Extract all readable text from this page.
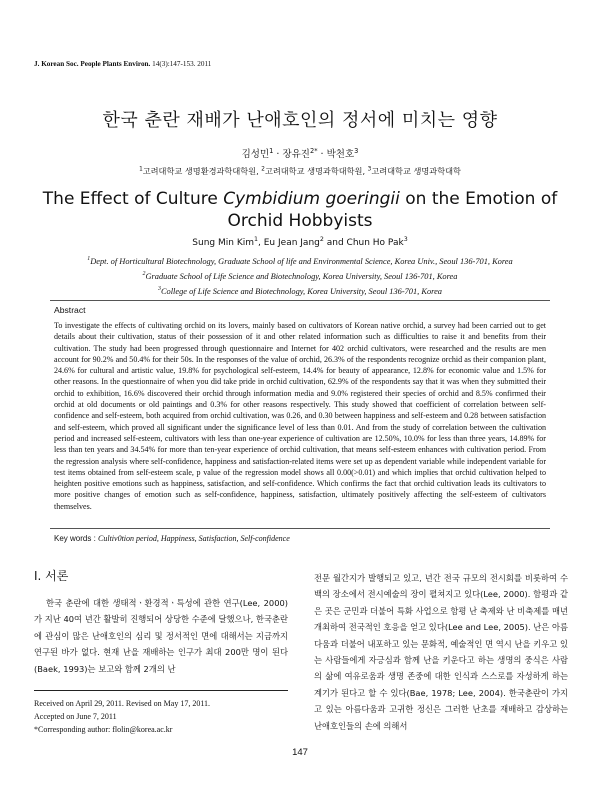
J. Korean Soc. People Plants Environ. 14(3):147-153. 2011
한국 춘란 재배가 난애호인의 정서에 미치는 영향
김성민$^1$ · 장유진$^{2*}$ · 박천호$^3$
$^1$고려대학교 생명환경과학대학원, $^2$고려대학교 생명과학대학원, $^3$고려대학교 생명과학대학
The Effect of Culture Cymbidium goeringii on the Emotion of Orchid Hobbyists
Sung Min Kim$^1$, Eu Jean Jang$^2$ and Chun Ho Pak$^3$
$^1$Dept. of Horticultural Biotechnology, Graduate School of life and Environmental Science, Korea Univ., Seoul 136-701, Korea
$^2$Graduate School of Life Science and Biotechnology, Korea University, Seoul 136-701, Korea
$^3$College of Life Science and Biotechnology, Korea University, Seoul 136-701, Korea
Abstract
To investigate the effects of cultivating orchid on its lovers, mainly based on cultivators of Korean native orchid, a survey had been carried out to get details about their cultivation, status of their possession of it and other related information such as difficulties to raise it and benefits from their cultivation. The study had been progressed through questionnaire and Internet for 402 orchid cultivators, were researched and the results are men account for 90.2% and 50.4% for their 50s. In the responses of the value of orchid, 26.3% of the respondents recognize orchid as their companion plant, 24.6% for cultural and artistic value, 19.8% for psychological self-esteem, 14.4% for beauty of appearance, 12.8% for economic value and 1.5% for other reasons. In the questionnaire of when you did take pride in orchid cultivation, 62.9% of the respondents say that it was when they submitted their orchid to exhibition, 16.6% discovered their orchid through information media and 9.0% registered their species of orchid and 8.5% confirmed their orchid at old documents or old paintings and 0.3% for other reasons respectively. This study showed that coefficient of correlation between self-confidence and self-esteem, both acquired from orchid cultivation, was 0.26, and 0.30 between happiness and self-esteem and 0.28 between satisfaction and self-esteem, which proved all significant under the significance level of less than 0.01. And from the study of correlation between the cultivation period and increased self-esteem, cultivators with less than one-year experience of cultivation are 12.50%, 10.0% for less than three years, 14.89% for less than ten years and 34.54% for more than ten-year experience of orchid cultivation, that means self-esteem enhances with cultivation period. From the regression analysis where self-confidence, happiness and satisfaction-related items were set up as dependent variable while independent variable for test items obtained from self-esteem scale, p value of the regression model shows all 0.00(>0.01) and which implies that orchid cultivation helped to heighten positive emotions such as happiness, satisfaction, and self-confidence. Which confirms the fact that orchid cultivation leads its cultivators to more positive changes of emotion such as self-confidence, happiness, satisfaction, ultimately positively affecting the self-esteem of cultivators themselves.
Key words : Cultiv0tion period, Happiness, Satisfaction, Self-confidence
Ⅰ. 서론
한국 춘란에 대한 생태적ㆍ환경적ㆍ특성에 관한 연구(Lee, 2000)가 지난 40여 년간 활발히 진행되어 상당한 수준에 달했으나, 한국춘란에 관심이 많은 난애호인의 심리 및 정서적인 면에 대해서는 지금까지 연구된 바가 없다. 현재 난을 재배하는 인구가 최대 200만 명이 된다(Baek, 1993)는 보고와 함께 2개의 난
전문 월간지가 발행되고 있고, 년간 전국 규모의 전시회를 비롯하여 수백의 장소에서 전시예술의 장이 펼쳐지고 있다(Lee, 2000). 함평과 같은 곳은 군민과 더불어 특화 사업으로 함평 난 축제와 난 비축제를 매년 개최하여 전국적인 호응을 얻고 있다(Lee and Lee, 2005). 난은 아름다움과 더불어 내포하고 있는 문화적, 예술적인 면 역시 난을 키우고 있는 사람들에게 자긍심과 함께 난을 키운다고 하는 생명의 중식은 사람의 삶에 여유로움과 생명 존중에 대한 인식과 스스로를 자성하게 하는 계기가 된다고 할 수 있다(Bae, 1978; Lee, 2004). 한국춘란이 가지고 있는 아름다움과 고귀한 정신은 그러한 난초를 재배하고 감상하는 난애호인들의 손에 의해서
Received on April 29, 2011. Revised on May 17, 2011.
Accepted on June 7, 2011
*Corresponding author: flolin@korea.ac.kr
147
